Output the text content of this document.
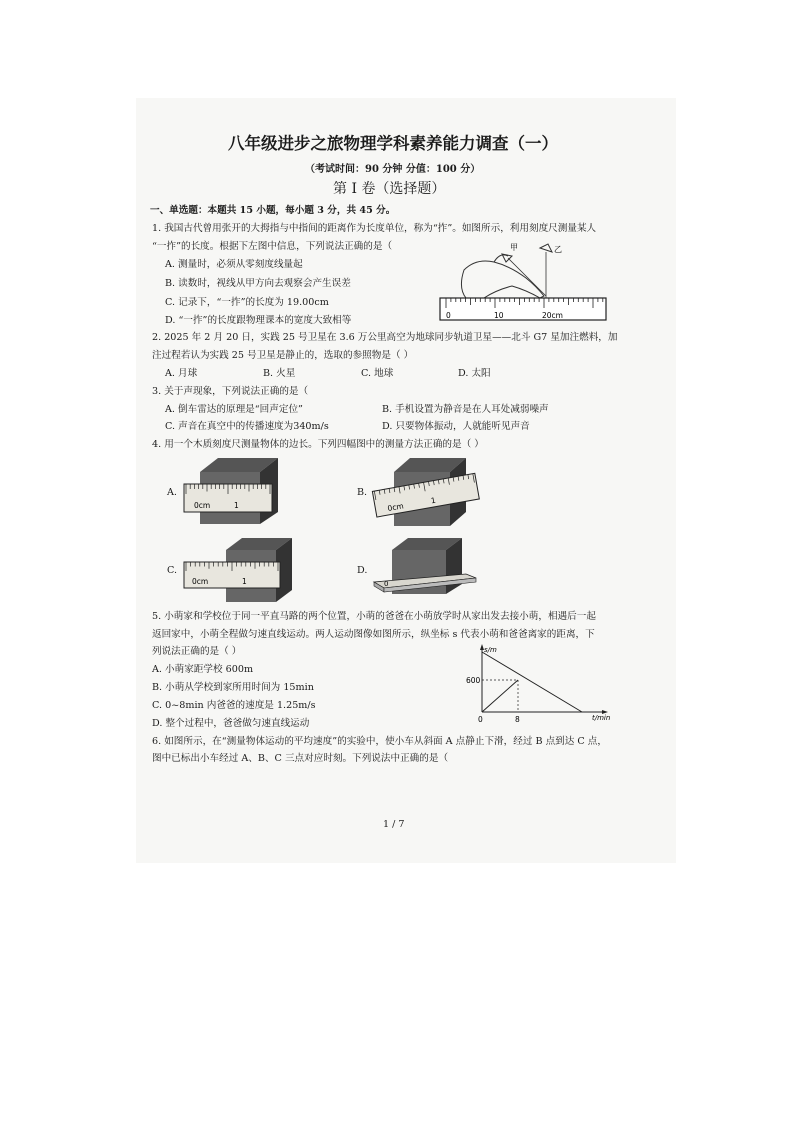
八年级进步之旅物理学科素养能力调查（一）
（考试时间：90 分钟 分值：100 分）
第 I 卷（选择题）
一、单选题：本题共 15 小题，每小题 3 分，共 45 分。
1. 我国古代曾用张开的大拇指与中指间的距离作为长度单位，称为“拃”。如图所示，利用刻度尺测量某人
“一拃”的长度。根据下左图中信息，下列说法正确的是（
A. 测量时，必须从零刻度线量起
B. 读数时，视线从甲方向去观察会产生误差
C. 记录下，“一拃”的长度为 19.00cm
D. “一拃”的长度跟物理课本的宽度大致相等
甲	乙
0	10	20cm
2. 2025 年 2 月 20 日，实践 25 号卫星在 3.6 万公里高空为地球同步轨道卫星——北斗 G7 星加注燃料，加
注过程若认为实践 25 号卫星是静止的，选取的参照物是（ ）
A. 月球	B. 火星	C. 地球	D. 太阳
3. 关于声现象，下列说法正确的是（
A. 倒车雷达的原理是“回声定位”	B. 手机设置为静音是在人耳处减弱噪声
C. 声音在真空中的传播速度为340m/s	D. 只要物体振动，人就能听见声音
4. 用一个木质刻度尺测量物体的边长。下列四幅图中的测量方法正确的是（ ）
A.
0cm	1
B.
0cm
1
C.
0cm	1
D.
0
5. 小萌家和学校位于同一平直马路的两个位置，小萌的爸爸在小萌放学时从家出发去接小萌，相遇后一起
返回家中，小萌全程做匀速直线运动。两人运动图像如图所示，纵坐标 s 代表小萌和爸爸离家的距离，下
列说法正确的是（ ）
A. 小萌家距学校 600m
B. 小萌从学校到家所用时间为 15min
C. 0~8min 内爸爸的速度是 1.25m/s
D. 整个过程中，爸爸做匀速直线运动
s/m
t/min
600
0	8
6. 如图所示，在“测量物体运动的平均速度”的实验中，使小车从斜面 A 点静止下滑，经过 B 点到达 C 点，
图中已标出小车经过 A、B、C 三点对应时刻。下列说法中正确的是（
1 / 7
